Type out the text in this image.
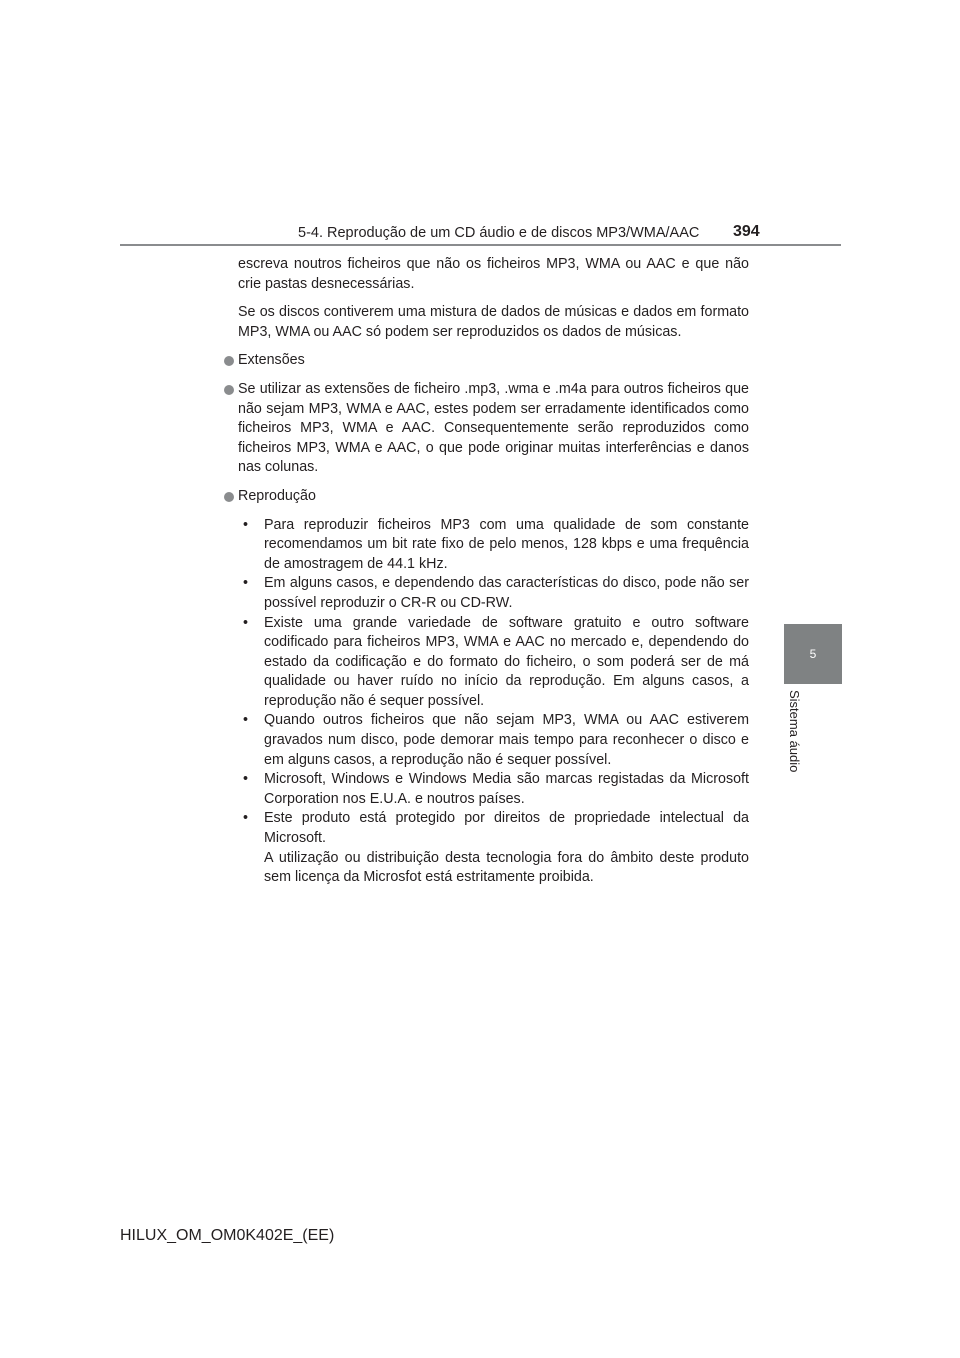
5-4. Reprodução de um CD áudio e de discos MP3/WMA/AAC 394
5
Sistema áudio

escreva noutros ficheiros que não os ficheiros MP3, WMA ou AAC e que não crie pastas desnecessárias.

Se os discos contiverem uma mistura de dados de músicas e dados em formato MP3, WMA ou AAC só podem ser reproduzidos os dados de músicas.

Extensões

Se utilizar as extensões de ficheiro .mp3, .wma e .m4a para outros ficheiros que não sejam MP3, WMA e AAC, estes podem ser erradamente identificados como ficheiros MP3, WMA e AAC. Consequentemente serão reproduzidos como ficheiros MP3, WMA e AAC, o que pode originar muitas interferências e danos nas colunas.

Reprodução

• Para reproduzir ficheiros MP3 com uma qualidade de som constante recomendamos um bit rate fixo de pelo menos, 128 kbps e uma frequência de amostragem de 44.1 kHz.

• Em alguns casos, e dependendo das características do disco, pode não ser possível reproduzir o CR-R ou CD-RW.

• Existe uma grande variedade de software gratuito e outro software codificado para ficheiros MP3, WMA e AAC no mercado e, dependendo do estado da codificação e do formato do ficheiro, o som poderá ser de má qualidade ou haver ruído no início da reprodução. Em alguns casos, a reprodução não é sequer possível.

• Quando outros ficheiros que não sejam MP3, WMA ou AAC estiverem gravados num disco, pode demorar mais tempo para reconhecer o disco e em alguns casos, a reprodução não é sequer possível.

• Microsoft, Windows e Windows Media são marcas registadas da Microsoft Corporation nos E.U.A. e noutros países.

• Este produto está protegido por direitos de propriedade intelectual da Microsoft.

A utilização ou distribuição desta tecnologia fora do âmbito deste produto sem licença da Microsfot está estritamente proibida.

HILUX_OM_OM0K402E_(EE)
